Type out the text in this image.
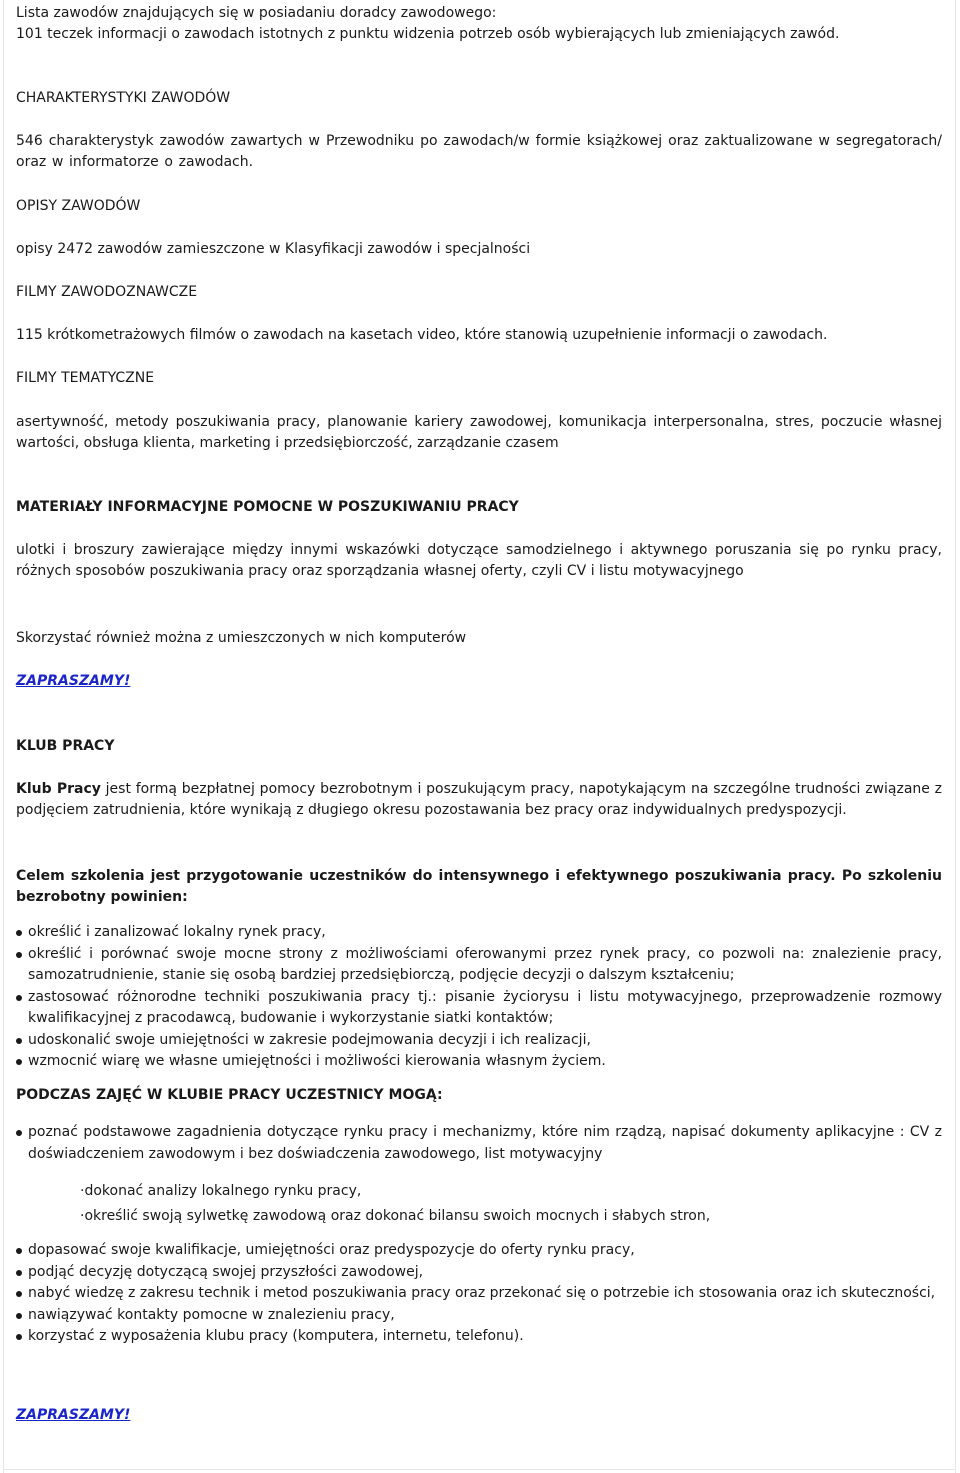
Lista zawodów znajdujących się w posiadaniu doradcy zawodowego:

101 teczek informacji o zawodach istotnych z punktu widzenia potrzeb osób wybierających lub zmieniających zawód.

CHARAKTERYSTYKI ZAWODÓW

546 charakterystyk zawodów zawartych w Przewodniku po zawodach/w formie książkowej oraz zaktualizowane w segregatorach/ oraz w informatorze o zawodach.

OPISY ZAWODÓW

opisy 2472 zawodów zamieszczone w Klasyfikacji zawodów i specjalności

FILMY ZAWODOZNAWCZE

115 krótkometrażowych filmów o zawodach na kasetach video, które stanowią uzupełnienie informacji o zawodach.

FILMY TEMATYCZNE

asertywność, metody poszukiwania pracy, planowanie kariery zawodowej, komunikacja interpersonalna, stres, poczucie własnej wartości, obsługa klienta, marketing i przedsiębiorczość, zarządzanie czasem

MATERIAŁY INFORMACYJNE POMOCNE W POSZUKIWANIU PRACY

ulotki i broszury zawierające między innymi wskazówki dotyczące samodzielnego i aktywnego poruszania się po rynku pracy, różnych sposobów poszukiwania pracy oraz sporządzania własnej oferty, czyli CV i listu motywacyjnego

Skorzystać również można z umieszczonych w nich komputerów

ZAPRASZAMY!

KLUB PRACY

Klub Pracy jest formą bezpłatnej pomocy bezrobotnym i poszukującym pracy, napotykającym na szczególne trudności związane z podjęciem zatrudnienia, które wynikają z długiego okresu pozostawania bez pracy oraz indywidualnych predyspozycji.

Celem szkolenia jest przygotowanie uczestników do intensywnego i efektywnego poszukiwania pracy. Po szkoleniu bezrobotny powinien:

określić i zanalizować lokalny rynek pracy,
określić i porównać swoje mocne strony z możliwościami oferowanymi przez rynek pracy, co pozwoli na: znalezienie pracy, samozatrudnienie, stanie się osobą bardziej przedsiębiorczą, podjęcie decyzji o dalszym kształceniu;
zastosować różnorodne techniki poszukiwania pracy tj.: pisanie życiorysu i listu motywacyjnego, przeprowadzenie rozmowy kwalifikacyjnej z pracodawcą, budowanie i wykorzystanie siatki kontaktów;
udoskonalić swoje umiejętności w zakresie podejmowania decyzji i ich realizacji,
wzmocnić wiarę we własne umiejętności i możliwości kierowania własnym życiem.

PODCZAS ZAJĘĆ W KLUBIE PRACY UCZESTNICY MOGĄ:

poznać podstawowe zagadnienia dotyczące rynku pracy i mechanizmy, które nim rządzą, napisać dokumenty aplikacyjne : CV z doświadczeniem zawodowym i bez doświadczenia zawodowego, list motywacyjny

·dokonać analizy lokalnego rynku pracy,

·określić swoją sylwetkę zawodową oraz dokonać bilansu swoich mocnych i słabych stron,

dopasować swoje kwalifikacje, umiejętności oraz predyspozycje do oferty rynku pracy,
podjąć decyzję dotyczącą swojej przyszłości zawodowej,
nabyć wiedzę z zakresu technik i metod poszukiwania pracy oraz przekonać się o potrzebie ich stosowania oraz ich skuteczności,
nawiązywać kontakty pomocne w znalezieniu pracy,
korzystać z wyposażenia klubu pracy (komputera, internetu, telefonu).

ZAPRASZAMY!
